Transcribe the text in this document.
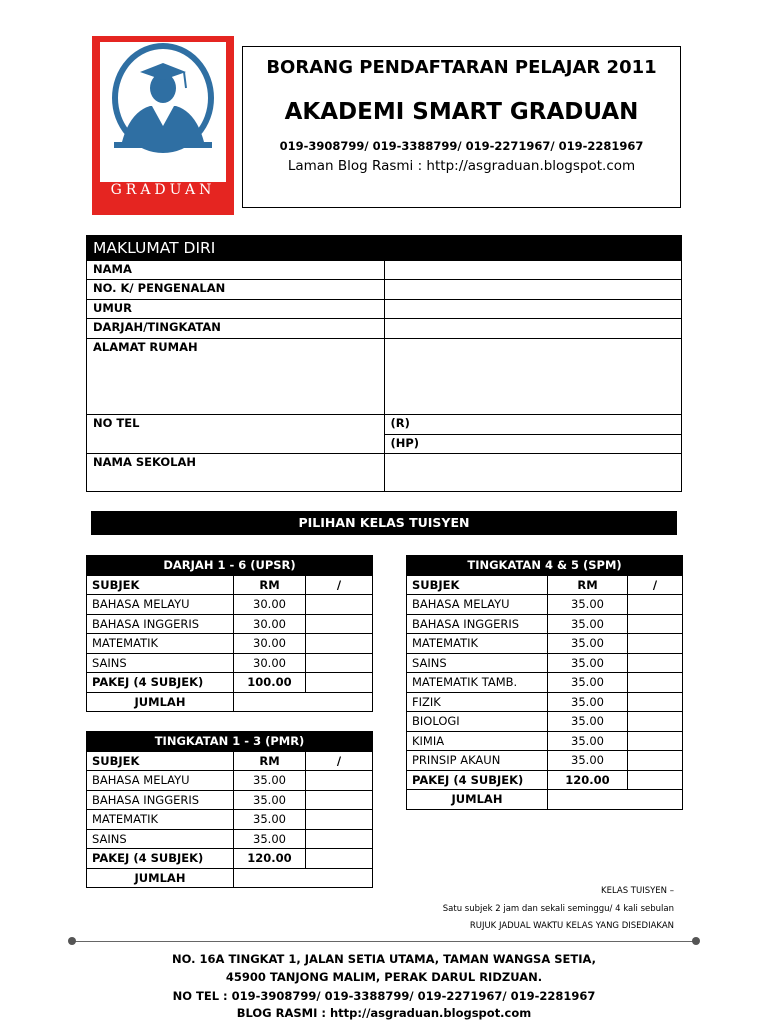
AKADEMI SMART
GRADUAN
BORANG PENDAFTARAN PELAJAR 2011
AKADEMI SMART GRADUAN
019-3908799/ 019-3388799/ 019-2271967/ 019-2281967
Laman Blog Rasmi : http://asgraduan.blogspot.com
MAKLUMAT DIRI	
NAMA	
NO. K/ PENGENALAN	
UMUR	
DARJAH/TINGKATAN	
ALAMAT RUMAH	
NO TEL	(R)
	(HP)
NAMA SEKOLAH	
PILIHAN KELAS TUISYEN
DARJAH 1 - 6 (UPSR)		
SUBJEK	RM	/
BAHASA MELAYU	30.00	
BAHASA INGGERIS	30.00	
MATEMATIK	30.00	
SAINS	30.00	
PAKEJ (4 SUBJEK)	100.00	
JUMLAH		
TINGKATAN 1 - 3 (PMR)		
SUBJEK	RM	/
BAHASA MELAYU	35.00	
BAHASA INGGERIS	35.00	
MATEMATIK	35.00	
SAINS	35.00	
PAKEJ (4 SUBJEK)	120.00	
JUMLAH		
TINGKATAN 4 & 5 (SPM)		
SUBJEK	RM	/
BAHASA MELAYU	35.00	
BAHASA INGGERIS	35.00	
MATEMATIK	35.00	
SAINS	35.00	
MATEMATIK TAMB.	35.00	
FIZIK	35.00	
BIOLOGI	35.00	
KIMIA	35.00	
PRINSIP AKAUN	35.00	
PAKEJ (4 SUBJEK)	120.00	
JUMLAH		
KELAS TUISYEN –
Satu subjek 2 jam dan sekali seminggu/ 4 kali sebulan
RUJUK JADUAL WAKTU KELAS YANG DISEDIAKAN
NO. 16A TINGKAT 1, JALAN SETIA UTAMA, TAMAN WANGSA SETIA,
45900 TANJONG MALIM, PERAK DARUL RIDZUAN.
NO TEL : 019-3908799/ 019-3388799/ 019-2271967/ 019-2281967
BLOG RASMI : http://asgraduan.blogspot.com
